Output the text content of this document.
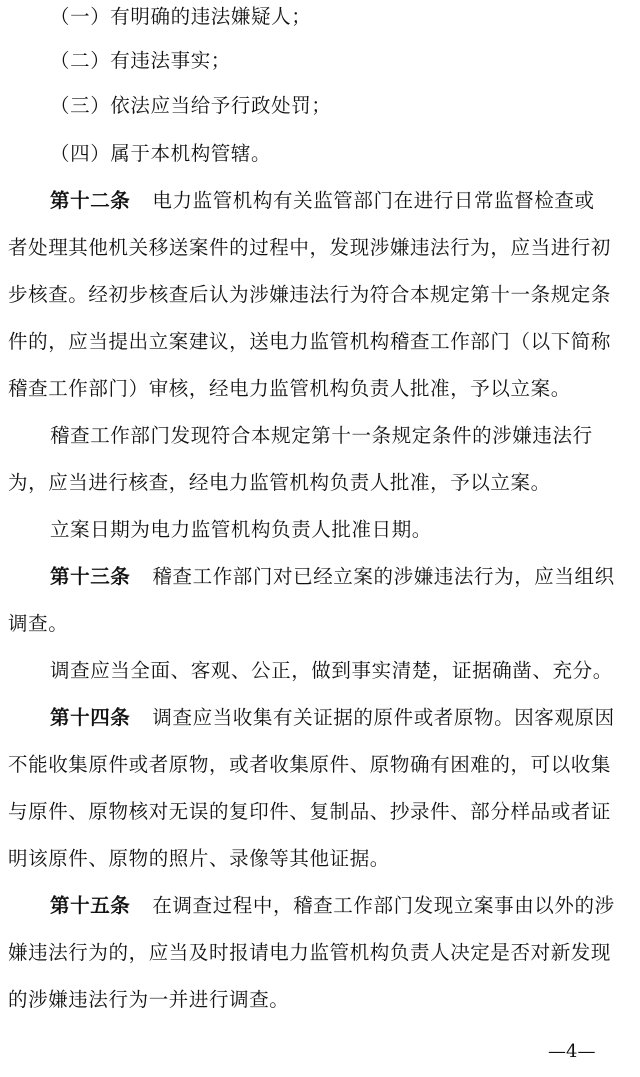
（一）有明确的违法嫌疑人；
（二）有违法事实；
（三）依法应当给予行政处罚；
（四）属于本机构管辖。
第十二条 电力监管机构有关监管部门在进行日常监督检查或
者处理其他机关移送案件的过程中，发现涉嫌违法行为，应当进行初
步核查。经初步核查后认为涉嫌违法行为符合本规定第十一条规定条
件的，应当提出立案建议，送电力监管机构稽查工作部门（以下简称
稽查工作部门）审核，经电力监管机构负责人批准，予以立案。
稽查工作部门发现符合本规定第十一条规定条件的涉嫌违法行
为，应当进行核查，经电力监管机构负责人批准，予以立案。
立案日期为电力监管机构负责人批准日期。
第十三条 稽查工作部门对已经立案的涉嫌违法行为，应当组织
调查。
调查应当全面、客观、公正，做到事实清楚，证据确凿、充分。
第十四条 调查应当收集有关证据的原件或者原物。因客观原因
不能收集原件或者原物，或者收集原件、原物确有困难的，可以收集
与原件、原物核对无误的复印件、复制品、抄录件、部分样品或者证
明该原件、原物的照片、录像等其他证据。
第十五条 在调查过程中，稽查工作部门发现立案事由以外的涉
嫌违法行为的，应当及时报请电力监管机构负责人决定是否对新发现
的涉嫌违法行为一并进行调查。
—4—
